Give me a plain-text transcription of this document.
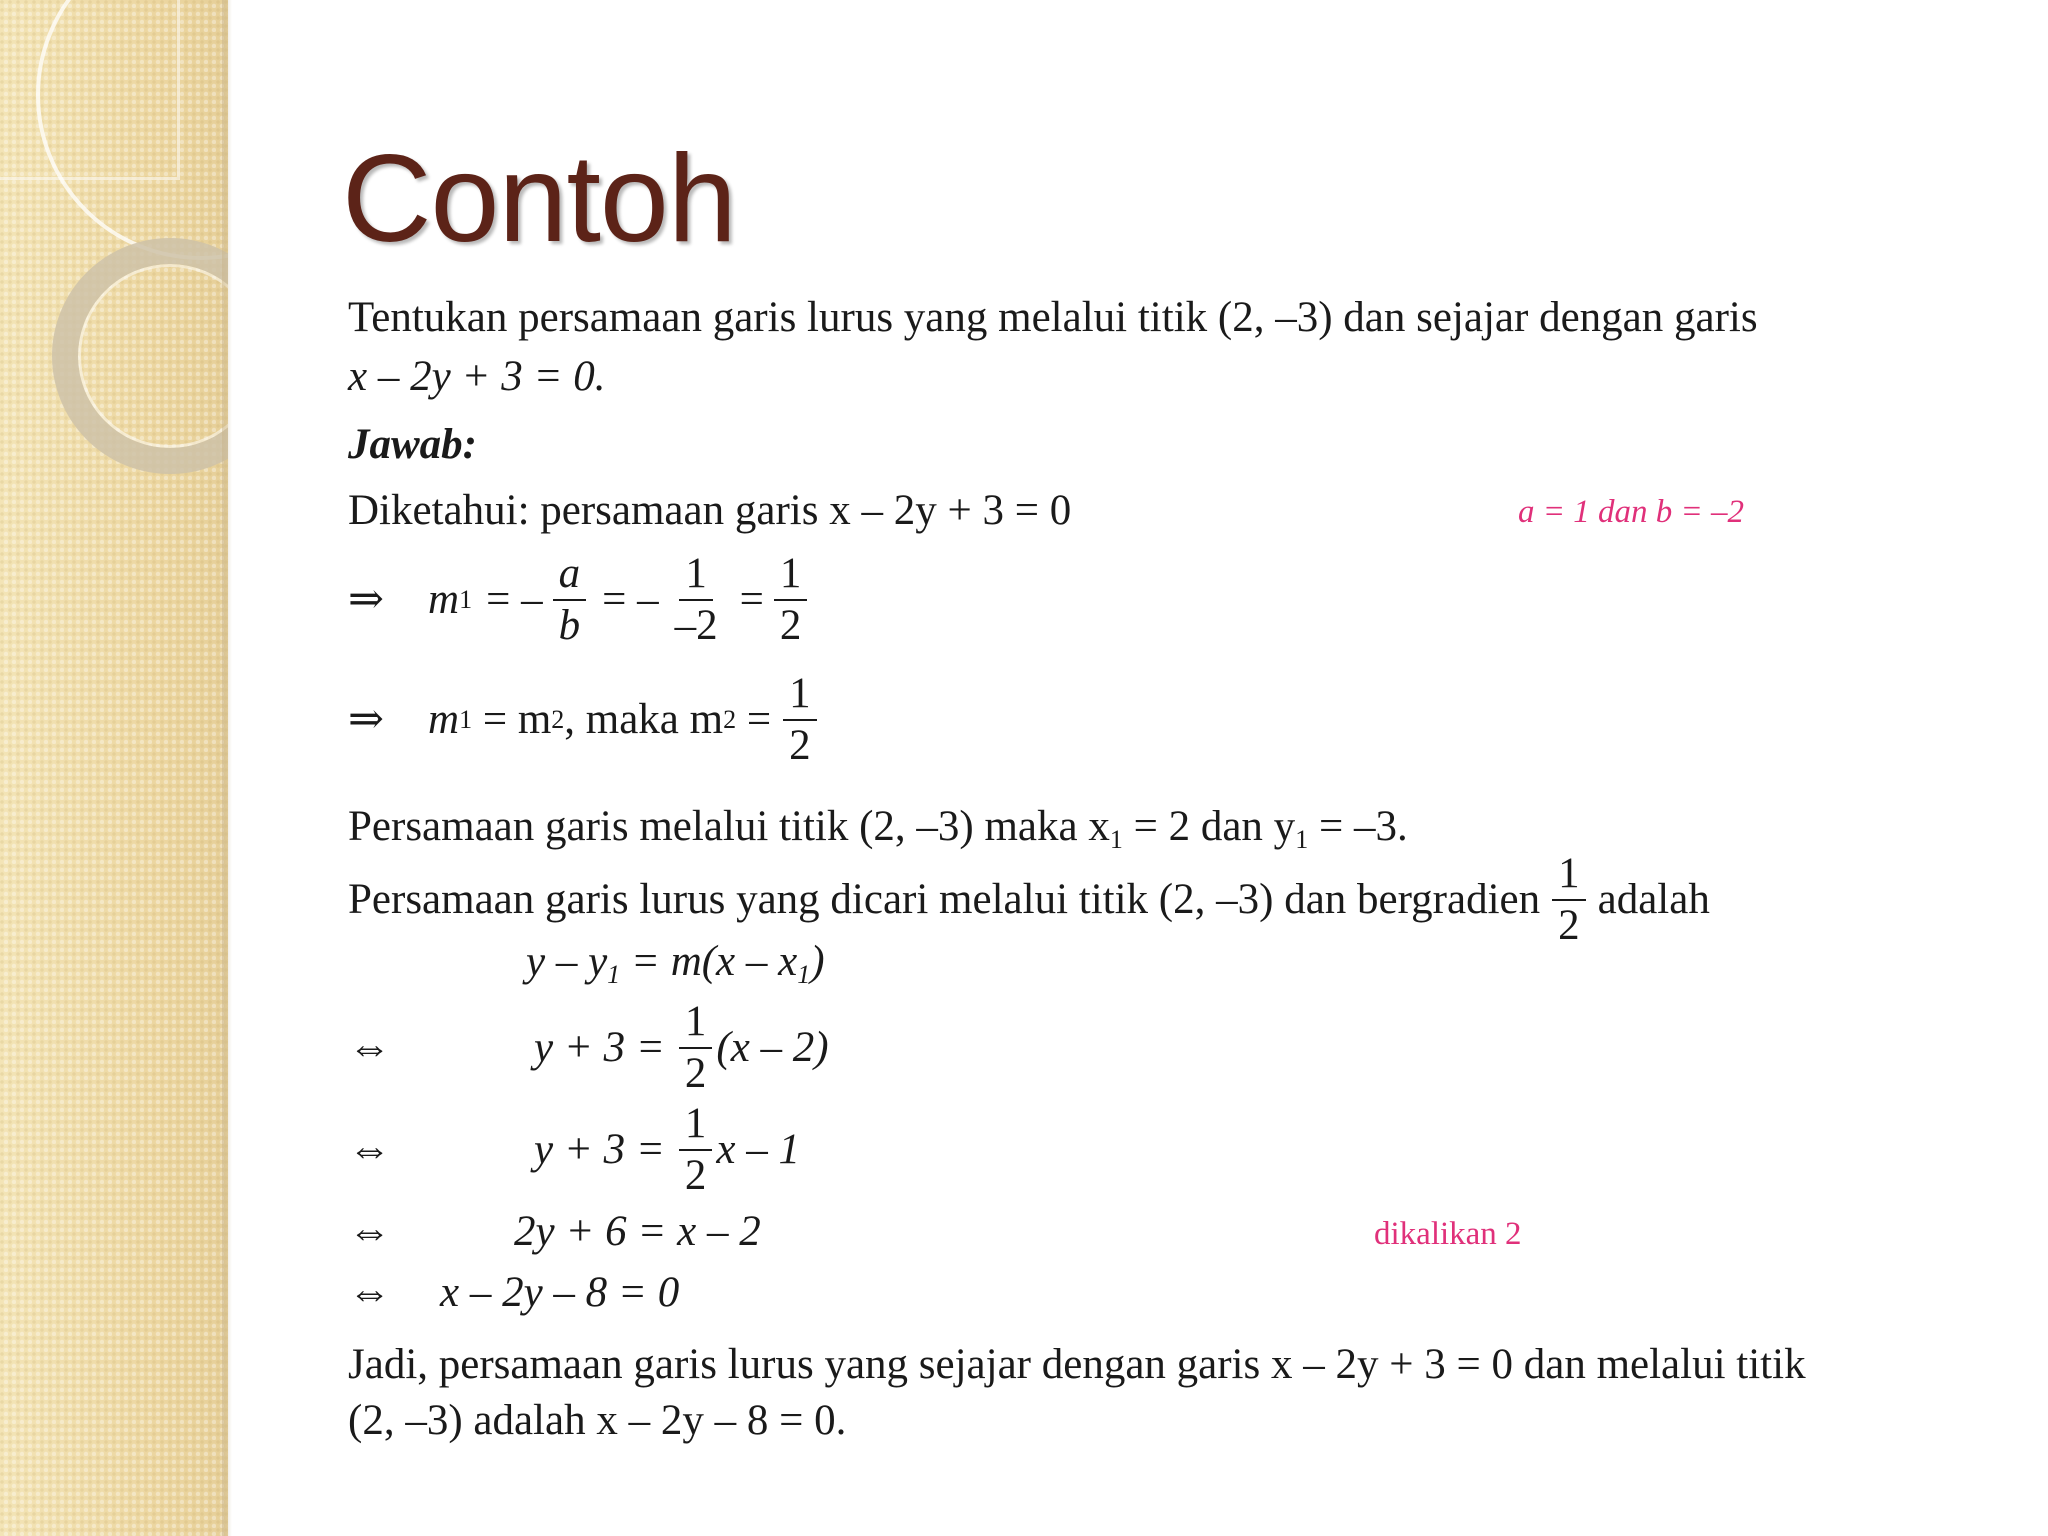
Contoh
Tentukan persamaan garis lurus yang melalui titik (2, –3) dan sejajar dengan garis
x – 2y + 3 = 0.
Jawab:
Diketahui: persamaan garis x – 2y + 3 = 0	a = 1 dan b = –2
⇒	m 1 = – $\frac{a}{b}$ = – $\frac{1}{-2} = \frac{1}{2}$
⇒	m 1 = m 2 , maka m $2 = \frac{1}{2}$
Persamaan garis melalui titik (2, –3) maka $x_1 = 2$ dan $y_1 = -3$.
Persamaan garis lurus yang dicari melalui titik (2, –3) dan bergradien $\frac{1}{2}$ adalah
$y - y_1 = m(x - x_1)$
⇔	$y + 3 = \frac{1}{2} (x - 2)$
⇔	$y + 3 = \frac{1}{2}$ x – 1
⇔	2y + 6 = x – 2	dikalikan 2
⇔ x – 2y – 8 = 0
Jadi, persamaan garis lurus yang sejajar dengan garis x – 2y + 3 = 0 dan melalui titik
(2, –3) adalah x – 2y – 8 = 0.
